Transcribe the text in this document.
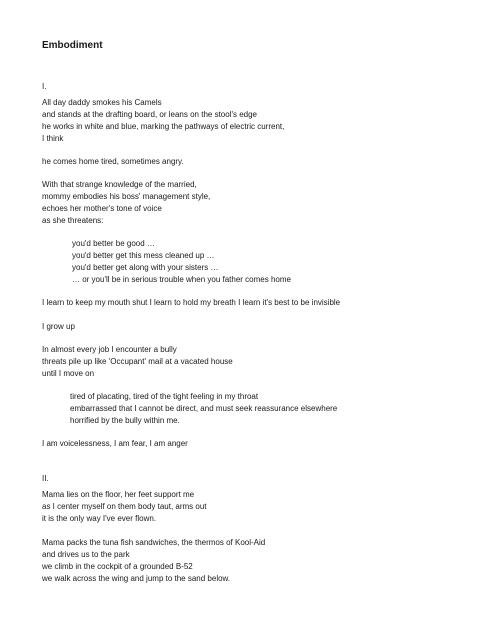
Embodiment
I.
All day daddy smokes his Camels
and stands at the drafting board, or leans on the stool's edge
he works in white and blue, marking the pathways of electric current,
I think
he comes home tired, sometimes angry.
With that strange knowledge of the married,
mommy embodies his boss' management style,
echoes her mother's tone of voice
as she threatens:
you'd better be good …
you'd better get this mess cleaned up …
you'd better get along with your sisters …
… or you'll be in serious trouble when you father comes home
I learn to keep my mouth shut I learn to hold my breath I learn it's best to be invisible
I grow up
In almost every job I encounter a bully
threats pile up like 'Occupant' mail at a vacated house
until I move on
tired of placating, tired of the tight feeling in my throat
embarrassed that I cannot be direct, and must seek reassurance elsewhere
horrified by the bully within me.
I am voicelessness, I am fear, I am anger
II.
Mama lies on the floor, her feet support me
as I center myself on them body taut, arms out
it is the only way I've ever flown.
Mama packs the tuna fish sandwiches, the thermos of Kool-Aid
and drives us to the park
we climb in the cockpit of a grounded B-52
we walk across the wing and jump to the sand below.
